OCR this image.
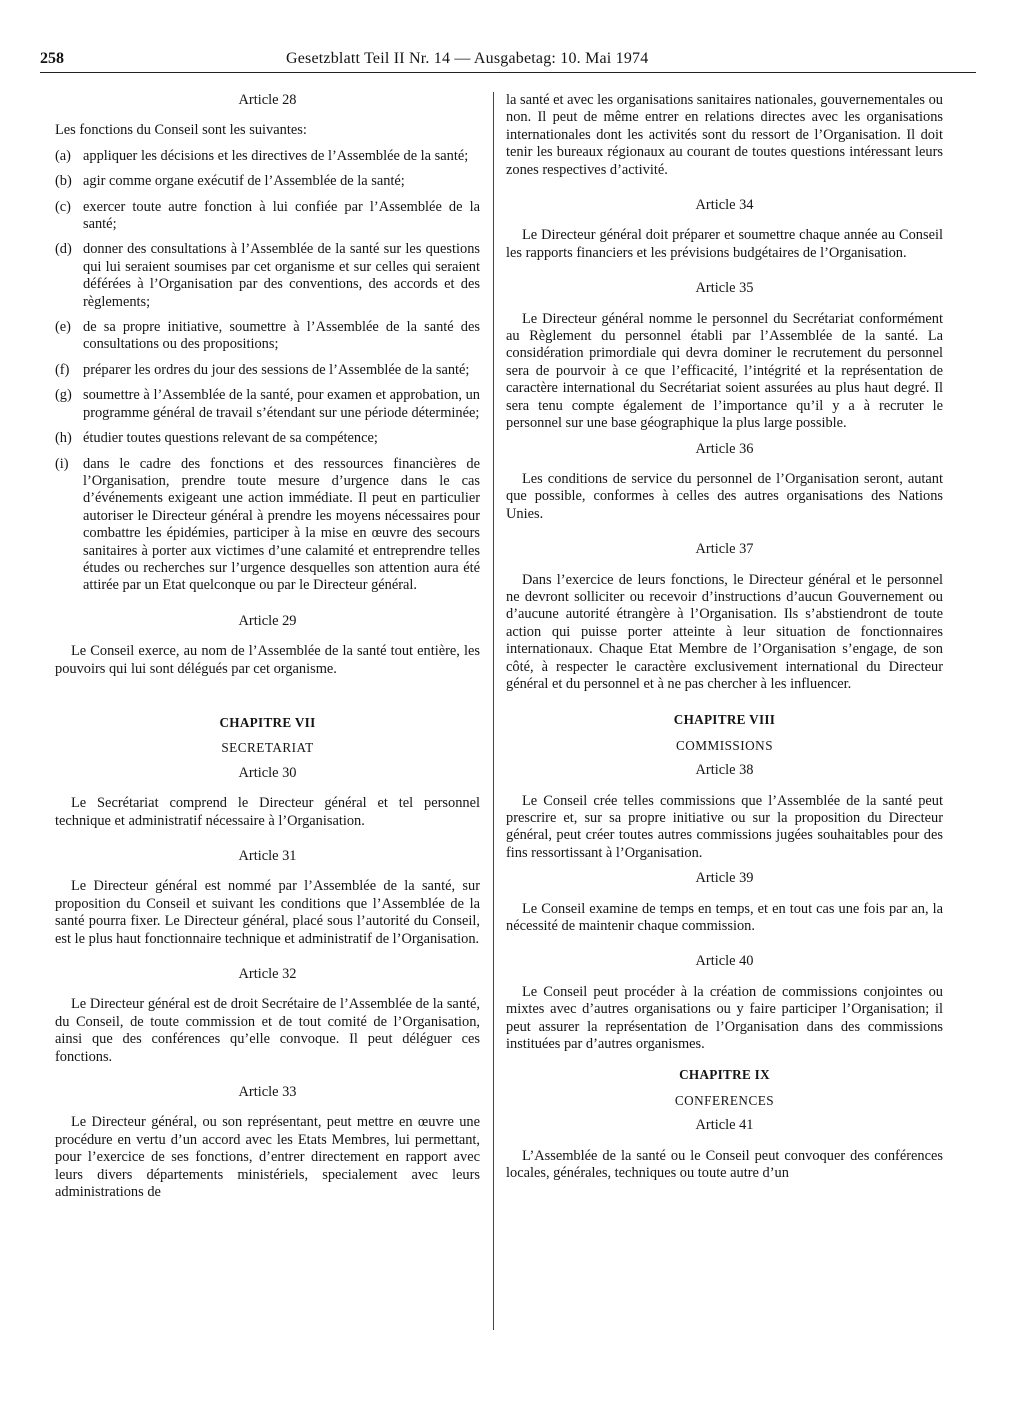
258	Gesetzblatt Teil II Nr. 14 — Ausgabetag: 10. Mai 1974

Article 28

Les fonctions du Conseil sont les suivantes:

(a) appliquer les décisions et les directives de l’Assemblée de la santé;

(b) agir comme organe exécutif de l’Assemblée de la santé;

(c) exercer toute autre fonction à lui confiée par l’Assemblée de la santé;

(d) donner des consultations à l’Assemblée de la santé sur les questions qui lui seraient soumises par cet organisme et sur celles qui seraient déférées à l’Organisation par des conventions, des accords et des règlements;

(e) de sa propre initiative, soumettre à l’Assemblée de la santé des consultations ou des propositions;

(f) préparer les ordres du jour des sessions de l’Assemblée de la santé;

(g) soumettre à l’Assemblée de la santé, pour examen et approbation, un programme général de travail s’étendant sur une période déterminée;

(h) étudier toutes questions relevant de sa compétence;

(i) dans le cadre des fonctions et des ressources financières de l’Organisation, prendre toute mesure d’urgence dans le cas d’événements exigeant une action immédiate. Il peut en particulier autoriser le Directeur général à prendre les moyens nécessaires pour combattre les épidémies, participer à la mise en œuvre des secours sanitaires à porter aux victimes d’une calamité et entreprendre telles études ou recherches sur l’urgence desquelles son attention aura été attirée par un Etat quelconque ou par le Directeur général.

Article 29

Le Conseil exerce, au nom de l’Assemblée de la santé tout entière, les pouvoirs qui lui sont délégués par cet organisme.

CHAPITRE VII

SECRETARIAT

Article 30

Le Secrétariat comprend le Directeur général et tel personnel technique et administratif nécessaire à l’Organisation.

Article 31

Le Directeur général est nommé par l’Assemblée de la santé, sur proposition du Conseil et suivant les conditions que l’Assemblée de la santé pourra fixer. Le Directeur général, placé sous l’autorité du Conseil, est le plus haut fonctionnaire technique et administratif de l’Organisation.

Article 32

Le Directeur général est de droit Secrétaire de l’Assemblée de la santé, du Conseil, de toute commission et de tout comité de l’Organisation, ainsi que des conférences qu’elle convoque. Il peut déléguer ces fonctions.

Article 33

Le Directeur général, ou son représentant, peut mettre en œuvre une procédure en vertu d’un accord avec les Etats Membres, lui permettant, pour l’exercice de ses fonctions, d’entrer directement en rapport avec leurs divers départements ministériels, specialement avec leurs administrations de

la santé et avec les organisations sanitaires nationales, gouvernementales ou non. Il peut de même entrer en relations directes avec les organisations internationales dont les activités sont du ressort de l’Organisation. Il doit tenir les bureaux régionaux au courant de toutes questions intéressant leurs zones respectives d’activité.

Article 34

Le Directeur général doit préparer et soumettre chaque année au Conseil les rapports financiers et les prévisions budgétaires de l’Organisation.

Article 35

Le Directeur général nomme le personnel du Secrétariat conformément au Règlement du personnel établi par l’Assemblée de la santé. La considération primordiale qui devra dominer le recrutement du personnel sera de pourvoir à ce que l’efficacité, l’intégrité et la représentation de caractère international du Secrétariat soient assurées au plus haut degré. Il sera tenu compte également de l’importance qu’il y a à recruter le personnel sur une base géographique la plus large possible.

Article 36

Les conditions de service du personnel de l’Organisation seront, autant que possible, conformes à celles des autres organisations des Nations Unies.

Article 37

Dans l’exercice de leurs fonctions, le Directeur général et le personnel ne devront solliciter ou recevoir d’instructions d’aucun Gouvernement ou d’aucune autorité étrangère à l’Organisation. Ils s’abstiendront de toute action qui puisse porter atteinte à leur situation de fonctionnaires internationaux. Chaque Etat Membre de l’Organisation s’engage, de son côté, à respecter le caractère exclusivement international du Directeur général et du personnel et à ne pas chercher à les influencer.

CHAPITRE VIII

COMMISSIONS

Article 38

Le Conseil crée telles commissions que l’Assemblée de la santé peut prescrire et, sur sa propre initiative ou sur la proposition du Directeur général, peut créer toutes autres commissions jugées souhaitables pour des fins ressortissant à l’Organisation.

Article 39

Le Conseil examine de temps en temps, et en tout cas une fois par an, la nécessité de maintenir chaque commission.

Article 40

Le Conseil peut procéder à la création de commissions conjointes ou mixtes avec d’autres organisations ou y faire participer l’Organisation; il peut assurer la représentation de l’Organisation dans des commissions instituées par d’autres organismes.

CHAPITRE IX

CONFERENCES

Article 41

L’Assemblée de la santé ou le Conseil peut convoquer des conférences locales, générales, techniques ou toute autre d’un
